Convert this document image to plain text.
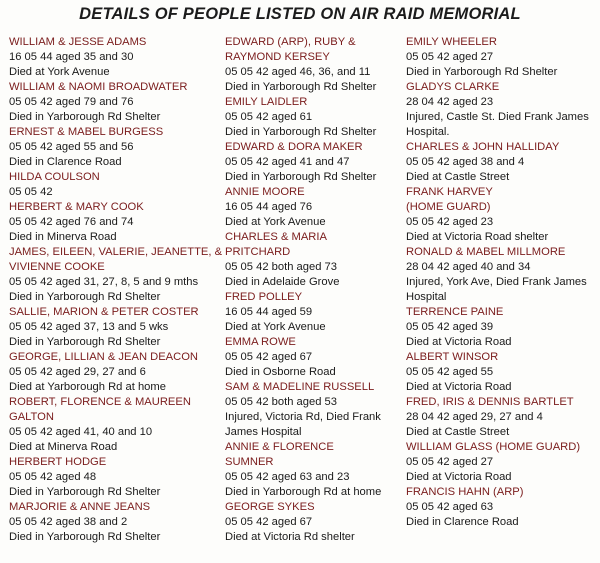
DETAILS OF PEOPLE LISTED ON AIR RAID MEMORIAL
WILLIAM & JESSE ADAMS
16 05 44 aged 35 and 30
Died at York Avenue
WILLIAM & NAOMI BROADWATER
05 05 42 aged 79 and 76
Died in Yarborough Rd Shelter
ERNEST & MABEL BURGESS
05 05 42 aged 55 and 56
Died in Clarence Road
HILDA COULSON
05 05 42
HERBERT & MARY COOK
05 05 42 aged 76 and 74
Died in Minerva Road
JAMES, EILEEN, VALERIE, JEANETTE, &
VIVIENNE COOKE
05 05 42 aged 31, 27, 8, 5 and 9 mths
Died in Yarborough Rd Shelter
SALLIE, MARION & PETER COSTER
05 05 42 aged 37, 13 and 5 wks
Died in Yarborough Rd Shelter
GEORGE, LILLIAN & JEAN DEACON
05 05 42 aged 29, 27 and 6
Died at Yarborough Rd at home
ROBERT, FLORENCE & MAUREEN
GALTON
05 05 42 aged 41, 40 and 10
Died at Minerva Road
HERBERT HODGE
05 05 42 aged 48
Died in Yarborough Rd Shelter
MARJORIE & ANNE JEANS
05 05 42 aged 38 and 2
Died in Yarborough Rd Shelter
EDWARD (ARP), RUBY &
RAYMOND KERSEY
05 05 42 aged 46, 36, and 11
Died in Yarborough Rd Shelter
EMILY LAIDLER
05 05 42 aged 61
Died in Yarborough Rd Shelter
EDWARD & DORA MAKER
05 05 42 aged 41 and 47
Died in Yarborough Rd Shelter
ANNIE MOORE
16 05 44 aged 76
Died at York Avenue
CHARLES & MARIA
PRITCHARD
05 05 42 both aged 73
Died in Adelaide Grove
FRED POLLEY
16 05 44 aged 59
Died at York Avenue
EMMA ROWE
05 05 42 aged 67
Died in Osborne Road
SAM & MADELINE RUSSELL
05 05 42 both aged 53
Injured, Victoria Rd, Died Frank
James Hospital
ANNIE & FLORENCE
SUMNER
05 05 42 aged 63 and 23
Died in Yarborough Rd at home
GEORGE SYKES
05 05 42 aged 67
Died at Victoria Rd shelter
EMILY WHEELER
05 05 42 aged 27
Died in Yarborough Rd Shelter
GLADYS CLARKE
28 04 42 aged 23
Injured, Castle St. Died Frank James
Hospital.
CHARLES & JOHN HALLIDAY
05 05 42 aged 38 and 4
Died at Castle Street
FRANK HARVEY
(HOME GUARD)
05 05 42 aged 23
Died at Victoria Road shelter
RONALD & MABEL MILLMORE
28 04 42 aged 40 and 34
Injured, York Ave, Died Frank James
Hospital
TERRENCE PAINE
05 05 42 aged 39
Died at Victoria Road
ALBERT WINSOR
05 05 42 aged 55
Died at Victoria Road
FRED, IRIS & DENNIS BARTLET
28 04 42 aged 29, 27 and 4
Died at Castle Street
WILLIAM GLASS (HOME GUARD)
05 05 42 aged 27
Died at Victoria Road
FRANCIS HAHN (ARP)
05 05 42 aged 63
Died in Clarence Road
